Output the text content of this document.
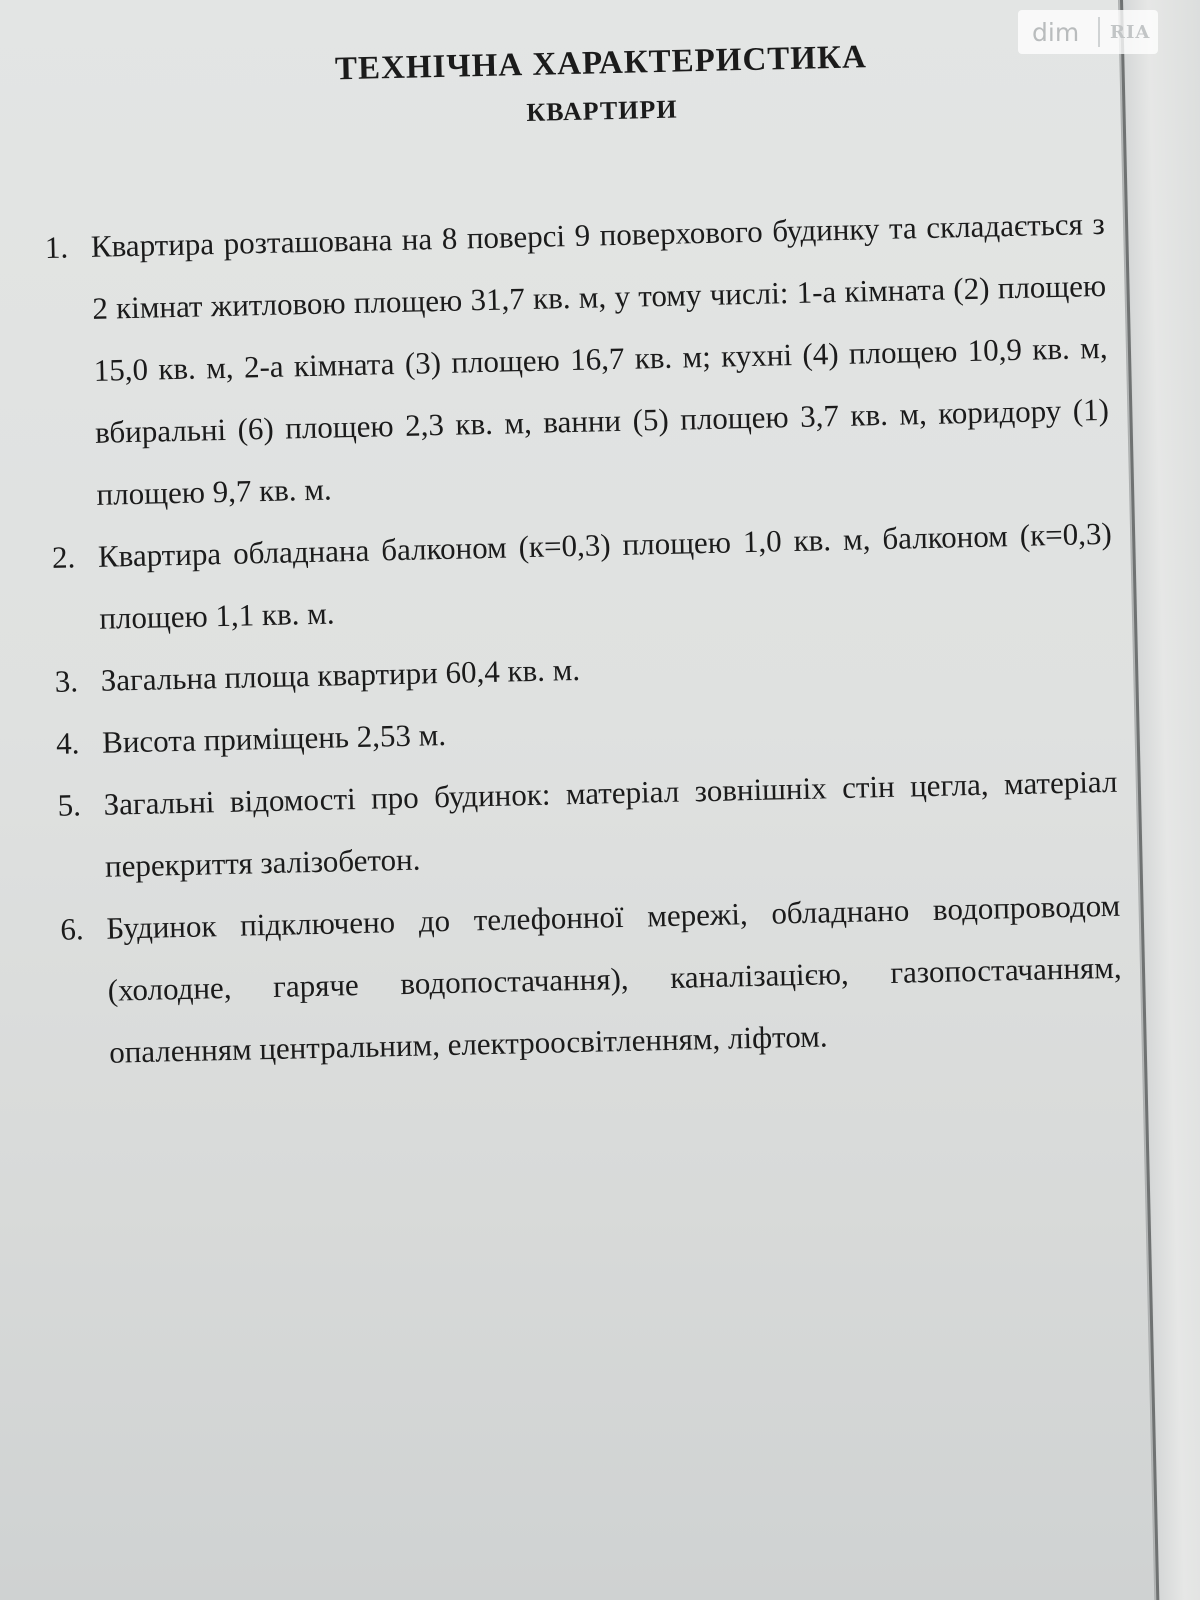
ТЕХНІЧНА ХАРАКТЕРИСТИКА
КВАРТИРИ
1. Квартира розташована на 8 поверсі 9 поверхового будинку та складається з 2 кімнат житловою площею 31,7 кв. м, у тому числі: 1-а кімната (2) площею 15,0 кв. м, 2-а кімната (3) площею 16,7 кв. м; кухні (4) площею 10,9 кв. м, вбиральні (6) площею 2,3 кв. м, ванни (5) площею 3,7 кв. м, коридору (1) площею 9,7 кв. м.
2. Квартира обладнана балконом (к=0,3) площею 1,0 кв. м, балконом (к=0,3) площею 1,1 кв. м.
3. Загальна площа квартири 60,4 кв. м.
4. Висота приміщень 2,53 м.
5. Загальні відомості про будинок: матеріал зовнішніх стін цегла, матеріал перекриття залізобетон.
6. Будинок підключено до телефонної мережі, обладнано водопроводом (холодне, гаряче водопостачання), каналізацією, газопостачанням, опаленням центральним, електроосвітленням, ліфтом.
dim	RIA
